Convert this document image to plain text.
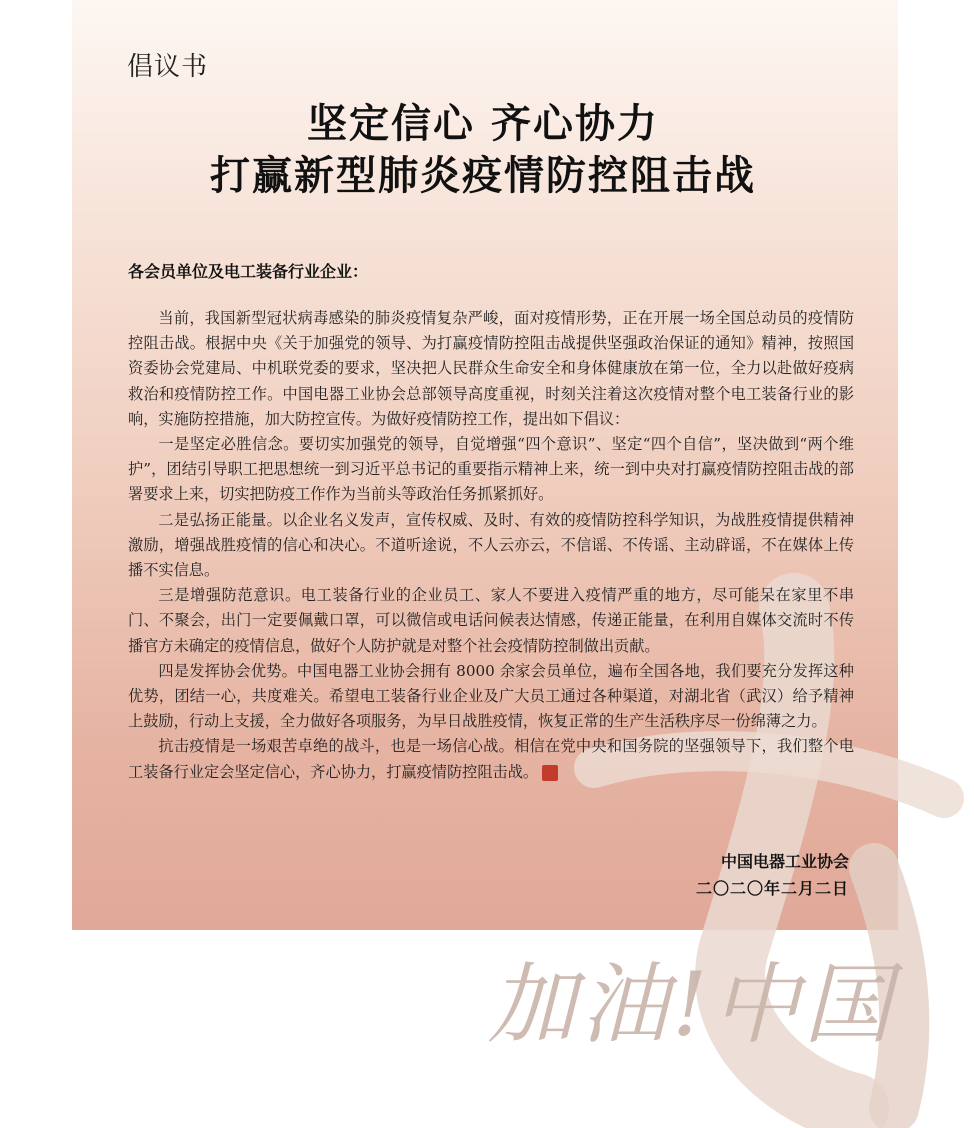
倡议书
坚定信心 齐心协力
打赢新型肺炎疫情防控阻击战
各会员单位及电工装备行业企业：

当前，我国新型冠状病毒感染的肺炎疫情复杂严峻，面对疫情形势，正在开展一场全国总动员的疫情防控阻击战。根据中央《关于加强党的领导、为打赢疫情防控阻击战提供坚强政治保证的通知》精神，按照国资委协会党建局、中机联党委的要求，坚决把人民群众生命安全和身体健康放在第一位，全力以赴做好疫病救治和疫情防控工作。中国电器工业协会总部领导高度重视，时刻关注着这次疫情对整个电工装备行业的影响，实施防控措施，加大防控宣传。为做好疫情防控工作，提出如下倡议：

一是坚定必胜信念。要切实加强党的领导，自觉增强“四个意识”、坚定“四个自信”，坚决做到“两个维护”，团结引导职工把思想统一到习近平总书记的重要指示精神上来，统一到中央对打赢疫情防控阻击战的部署要求上来，切实把防疫工作作为当前头等政治任务抓紧抓好。

二是弘扬正能量。以企业名义发声，宣传权威、及时、有效的疫情防控科学知识，为战胜疫情提供精神激励，增强战胜疫情的信心和决心。不道听途说，不人云亦云，不信谣、不传谣、主动辟谣，不在媒体上传播不实信息。

三是增强防范意识。电工装备行业的企业员工、家人不要进入疫情严重的地方，尽可能呆在家里不串门、不聚会，出门一定要佩戴口罩，可以微信或电话问候表达情感，传递正能量，在利用自媒体交流时不传播官方未确定的疫情信息，做好个人防护就是对整个社会疫情防控制做出贡献。

四是发挥协会优势。中国电器工业协会拥有 8000 余家会员单位，遍布全国各地，我们要充分发挥这种优势，团结一心，共度难关。希望电工装备行业企业及广大员工通过各种渠道，对湖北省（武汉）给予精神上鼓励，行动上支援，全力做好各项服务，为早日战胜疫情，恢复正常的生产生活秩序尽一份绵薄之力。

抗击疫情是一场艰苦卓绝的战斗，也是一场信心战。相信在党中央和国务院的坚强领导下，我们整个电工装备行业定会坚定信心，齐心协力，打赢疫情防控阻击战。

中国电器工业协会
二〇二〇年二月二日
加油!中国
